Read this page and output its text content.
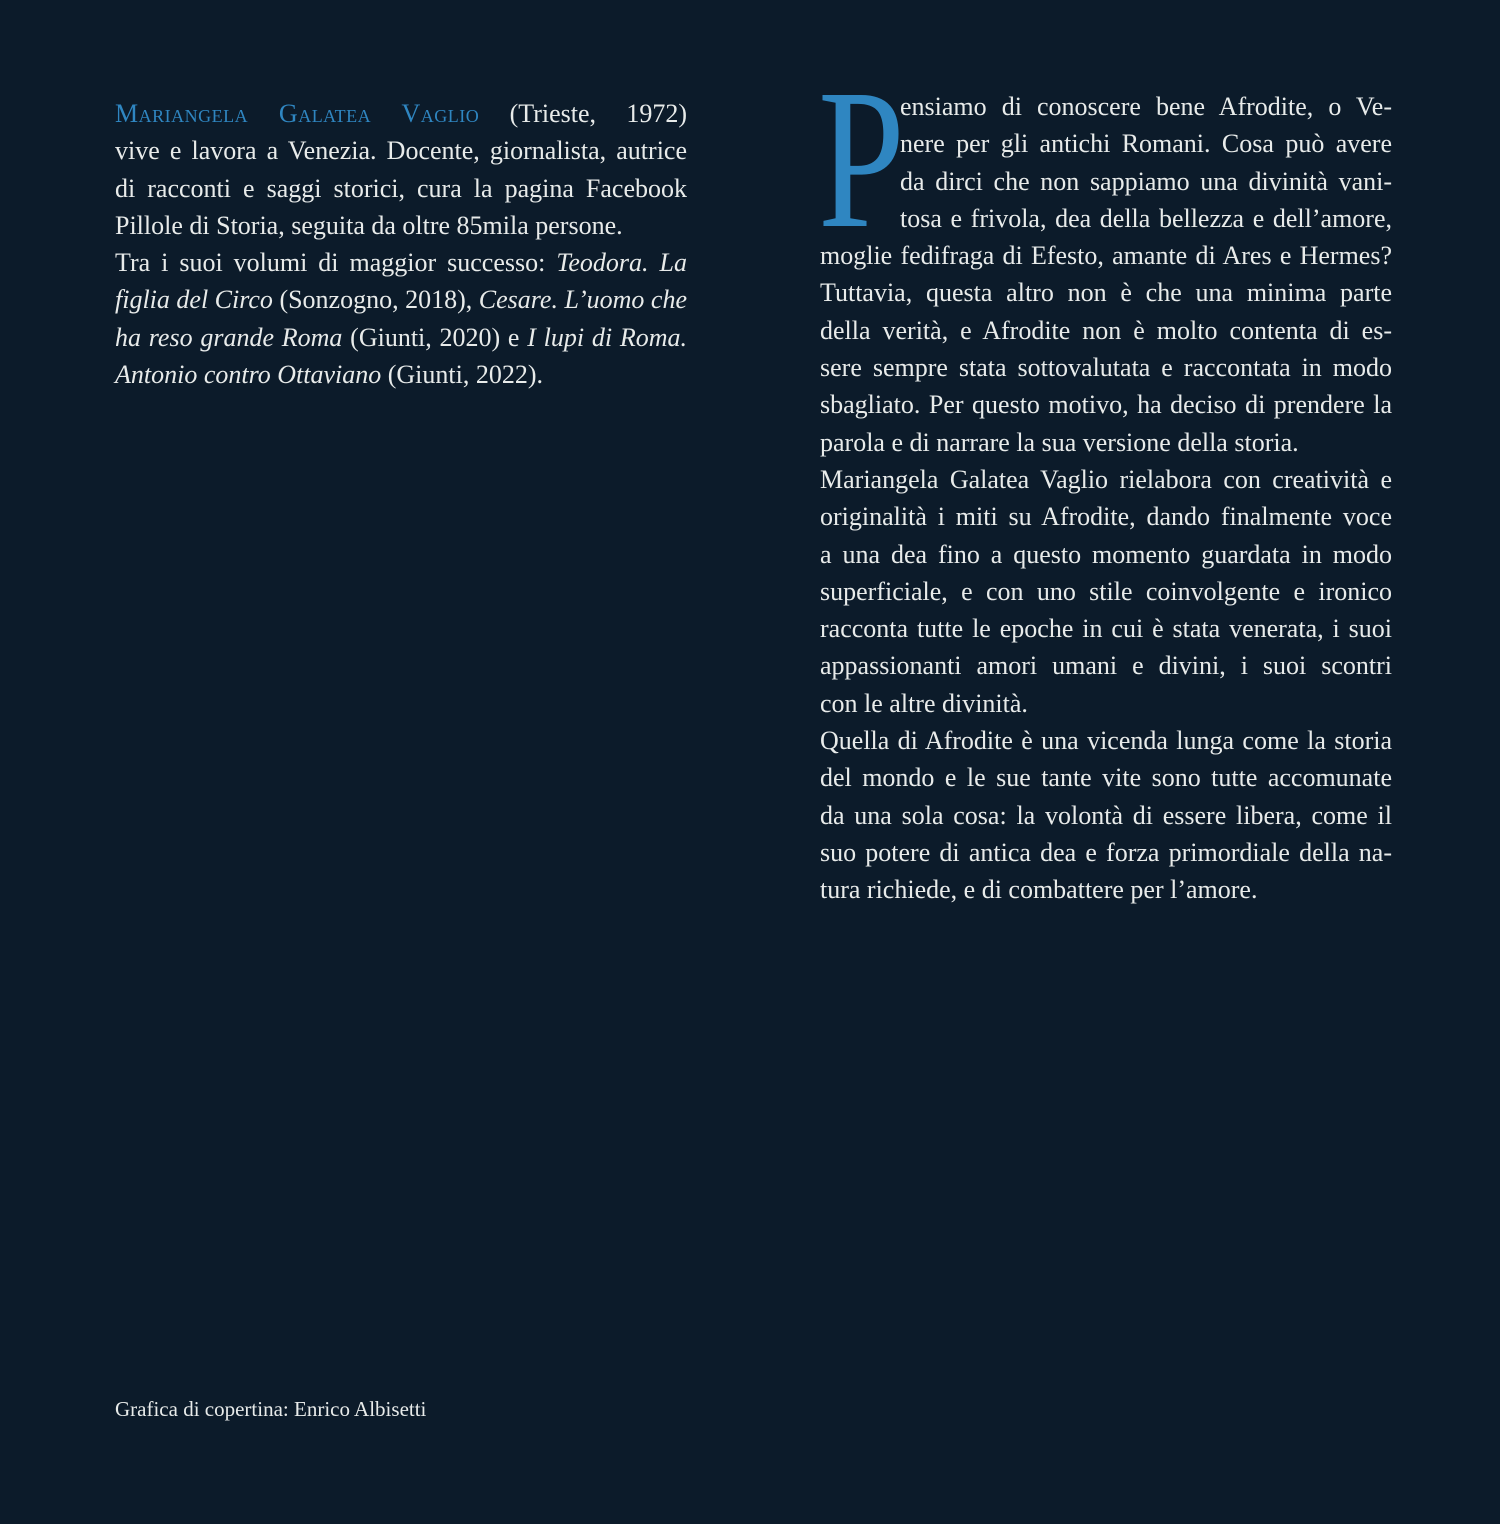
Mariangela Galatea Vaglio (Trieste, 1972)
vive e lavora a Venezia. Docente, giornalista, autrice
di racconti e saggi storici, cura la pagina Facebook
Pillole di Storia, seguita da oltre 85mila persone.
Tra i suoi volumi di maggior successo: Teodora. La
figlia del Circo (Sonzogno, 2018), Cesare. L’uomo che
ha reso grande Roma (Giunti, 2020) e I lupi di Roma.
Antonio contro Ottaviano (Giunti, 2022).
P
ensiamo di conoscere bene Afrodite, o Ve-
nere per gli antichi Romani. Cosa può avere
da dirci che non sappiamo una divinità vani-
tosa e frivola, dea della bellezza e dell’amore,
moglie fedifraga di Efesto, amante di Ares e Hermes?
Tuttavia, questa altro non è che una minima parte
della verità, e Afrodite non è molto contenta di es-
sere sempre stata sottovalutata e raccontata in modo
sbagliato. Per questo motivo, ha deciso di prendere la
parola e di narrare la sua versione della storia.
Mariangela Galatea Vaglio rielabora con creatività e
originalità i miti su Afrodite, dando finalmente voce
a una dea fino a questo momento guardata in modo
superficiale, e con uno stile coinvolgente e ironico
racconta tutte le epoche in cui è stata venerata, i suoi
appassionanti amori umani e divini, i suoi scontri
con le altre divinità.
Quella di Afrodite è una vicenda lunga come la storia
del mondo e le sue tante vite sono tutte accomunate
da una sola cosa: la volontà di essere libera, come il
suo potere di antica dea e forza primordiale della na-
tura richiede, e di combattere per l’amore.
Grafica di copertina: Enrico Albisetti
